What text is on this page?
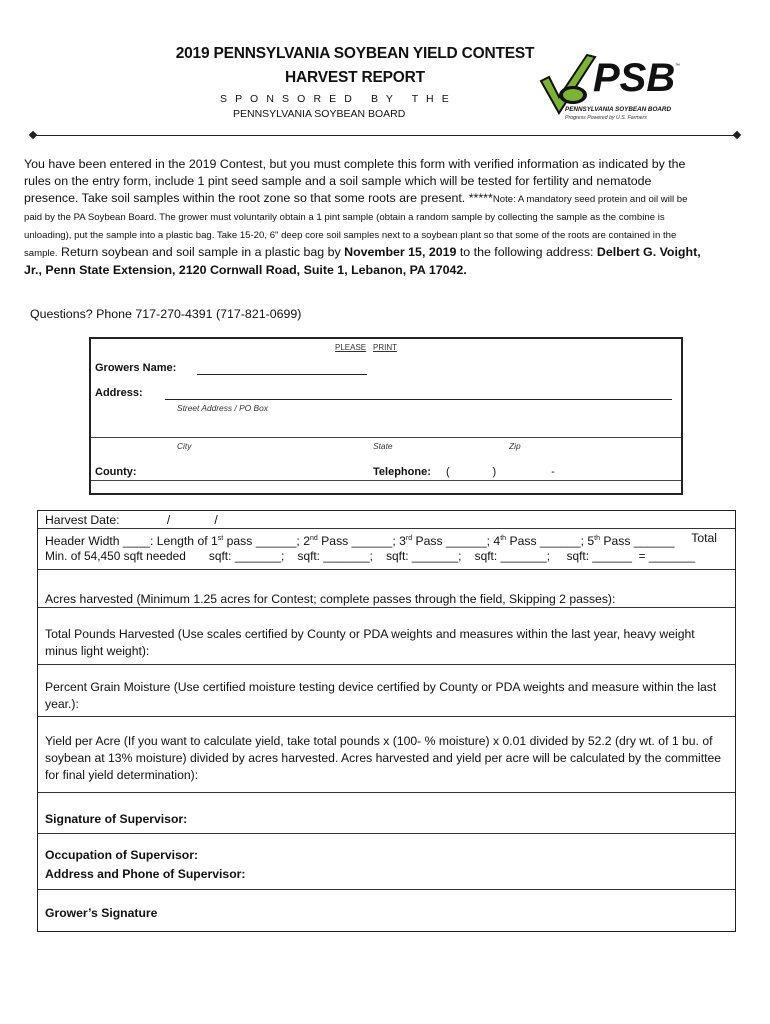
2019 PENNSYLVANIA SOYBEAN YIELD CONTEST
HARVEST REPORT
S P O N S O R E D   B Y   T H E
PENNSYLVANIA SOYBEAN BOARD
PSB ™
PENNSYLVANIA SOYBEAN BOARD
Progress Powered by U.S. Farmers
You have been entered in the 2019 Contest, but you must complete this form with verified information as indicated by the rules on the entry form, include 1 pint seed sample and a soil sample which will be tested for fertility and nematode presence. Take soil samples within the root zone so that some roots are present. *****Note: A mandatory seed protein and oil will be paid by the PA Soybean Board. The grower must voluntarily obtain a 1 pint sample (obtain a random sample by collecting the sample as the combine is unloading), put the sample into a plastic bag. Take 15-20, 6" deep core soil samples next to a soybean plant so that some of the roots are contained in the sample. Return soybean and soil sample in a plastic bag by November 15, 2019 to the following address: Delbert G. Voight, Jr., Penn State Extension, 2120 Cornwall Road, Suite 1, Lebanon, PA 17042.
Questions? Phone 717-270-4391 (717-821-0699)
PLEASE PRINT
Growers Name:
Address:
Street Address / PO Box
City	State	Zip
County:	Telephone: (              )                  -
Harvest Date:              /             /
Header Width ____: Length of 1st pass ______; 2nd Pass ______; 3rd Pass ______; 4th Pass ______; 5th Pass ______	Total
Min. of 54,450 sqft needed       sqft: _______;    sqft: _______;    sqft: _______;    sqft: _______;     sqft: ______  = _______
Acres harvested (Minimum 1.25 acres for Contest; complete passes through the field, Skipping 2 passes):
Total Pounds Harvested (Use scales certified by County or PDA weights and measures within the last year, heavy weight minus light weight):
Percent Grain Moisture (Use certified moisture testing device certified by County or PDA weights and measure within the last year.):
Yield per Acre (If you want to calculate yield, take total pounds x (100- % moisture) x 0.01 divided by 52.2 (dry wt. of 1 bu. of soybean at 13% moisture) divided by acres harvested. Acres harvested and yield per acre will be calculated by the committee for final yield determination):
Signature of Supervisor:
Occupation of Supervisor:
Address and Phone of Supervisor:
Grower’s Signature
